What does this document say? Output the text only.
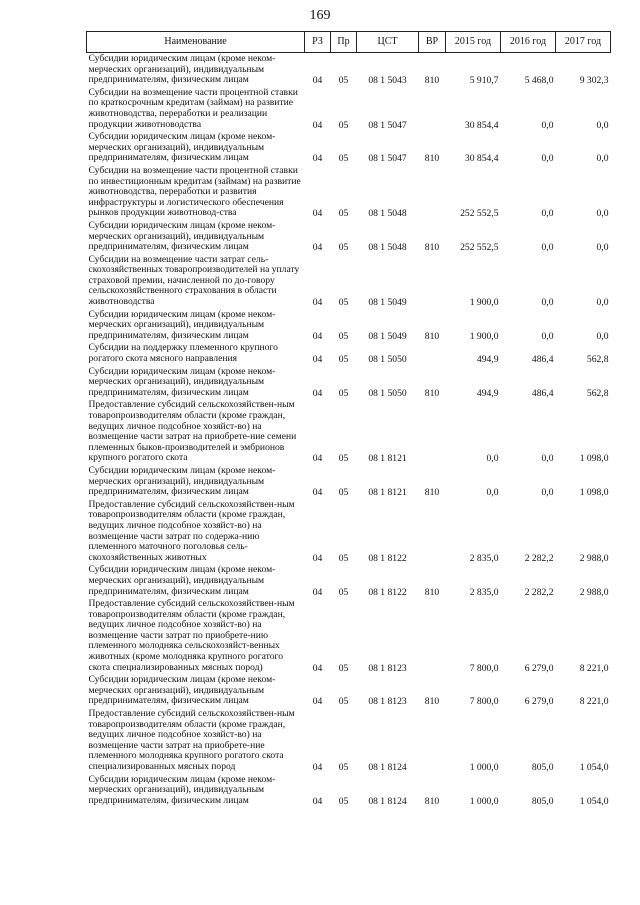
169
Наименование	РЗ	Пр	ЦСТ	ВР	2015 год	2016 год	2017 год
Субсидии юридическим лицам (кроме неком-мерческих организаций), индивидуальным предпринимателям, физическим лицам	04	05	08 1 5043	810	5 910,7	5 468,0	9 302,3
Субсидии на возмещение части процентной ставки по краткосрочным кредитам (займам) на развитие животноводства, переработки и реализации продукции животноводства	04	05	08 1 5047		30 854,4	0,0	0,0
Субсидии юридическим лицам (кроме неком-мерческих организаций), индивидуальным предпринимателям, физическим лицам	04	05	08 1 5047	810	30 854,4	0,0	0,0
Субсидии на возмещение части процентной ставки по инвестиционным кредитам (займам) на развитие животноводства, переработки и развития инфраструктуры и логистического обеспечения рынков продукции животновод-ства	04	05	08 1 5048		252 552,5	0,0	0,0
Субсидии юридическим лицам (кроме неком-мерческих организаций), индивидуальным предпринимателям, физическим лицам	04	05	08 1 5048	810	252 552,5	0,0	0,0
Субсидии на возмещение части затрат сель-скохозяйственных товаропроизводителей на уплату страховой премии, начисленной по до-говору сельскохозяйственного страхования в области животноводства	04	05	08 1 5049		1 900,0	0,0	0,0
Субсидии юридическим лицам (кроме неком-мерческих организаций), индивидуальным предпринимателям, физическим лицам	04	05	08 1 5049	810	1 900,0	0,0	0,0
Субсидии на поддержку племенного крупного рогатого скота мясного направления	04	05	08 1 5050		494,9	486,4	562,8
Субсидии юридическим лицам (кроме неком-мерческих организаций), индивидуальным предпринимателям, физическим лицам	04	05	08 1 5050	810	494,9	486,4	562,8
Предоставление субсидий сельскохозяйствен-ным товаропроизводителям области (кроме граждан, ведущих личное подсобное хозяйст-во) на возмещение части затрат на приобрете-ние семени племенных быков-производителей и эмбрионов крупного рогатого скота	04	05	08 1 8121		0,0	0,0	1 098,0
Субсидии юридическим лицам (кроме неком-мерческих организаций), индивидуальным предпринимателям, физическим лицам	04	05	08 1 8121	810	0,0	0,0	1 098,0
Предоставление субсидий сельскохозяйствен-ным товаропроизводителям области (кроме граждан, ведущих личное подсобное хозяйст-во) на возмещение части затрат по содержа-нию племенного маточного поголовья сель-скохозяйственных животных	04	05	08 1 8122		2 835,0	2 282,2	2 988,0
Субсидии юридическим лицам (кроме неком-мерческих организаций), индивидуальным предпринимателям, физическим лицам	04	05	08 1 8122	810	2 835,0	2 282,2	2 988,0
Предоставление субсидий сельскохозяйствен-ным товаропроизводителям области (кроме граждан, ведущих личное подсобное хозяйст-во) на возмещение части затрат по приобрете-нию племенного молодняка сельскохозяйст-венных животных (кроме молодняка крупного рогатого скота специализированных мясных пород)	04	05	08 1 8123		7 800,0	6 279,0	8 221,0
Субсидии юридическим лицам (кроме неком-мерческих организаций), индивидуальным предпринимателям, физическим лицам	04	05	08 1 8123	810	7 800,0	6 279,0	8 221,0
Предоставление субсидий сельскохозяйствен-ным товаропроизводителям области (кроме граждан, ведущих личное подсобное хозяйст-во) на возмещение части затрат на приобрете-ние племенного молодняка крупного рогатого скота специализированных мясных пород	04	05	08 1 8124		1 000,0	805,0	1 054,0
Субсидии юридическим лицам (кроме неком-мерческих организаций), индивидуальным предпринимателям, физическим лицам	04	05	08 1 8124	810	1 000,0	805,0	1 054,0
